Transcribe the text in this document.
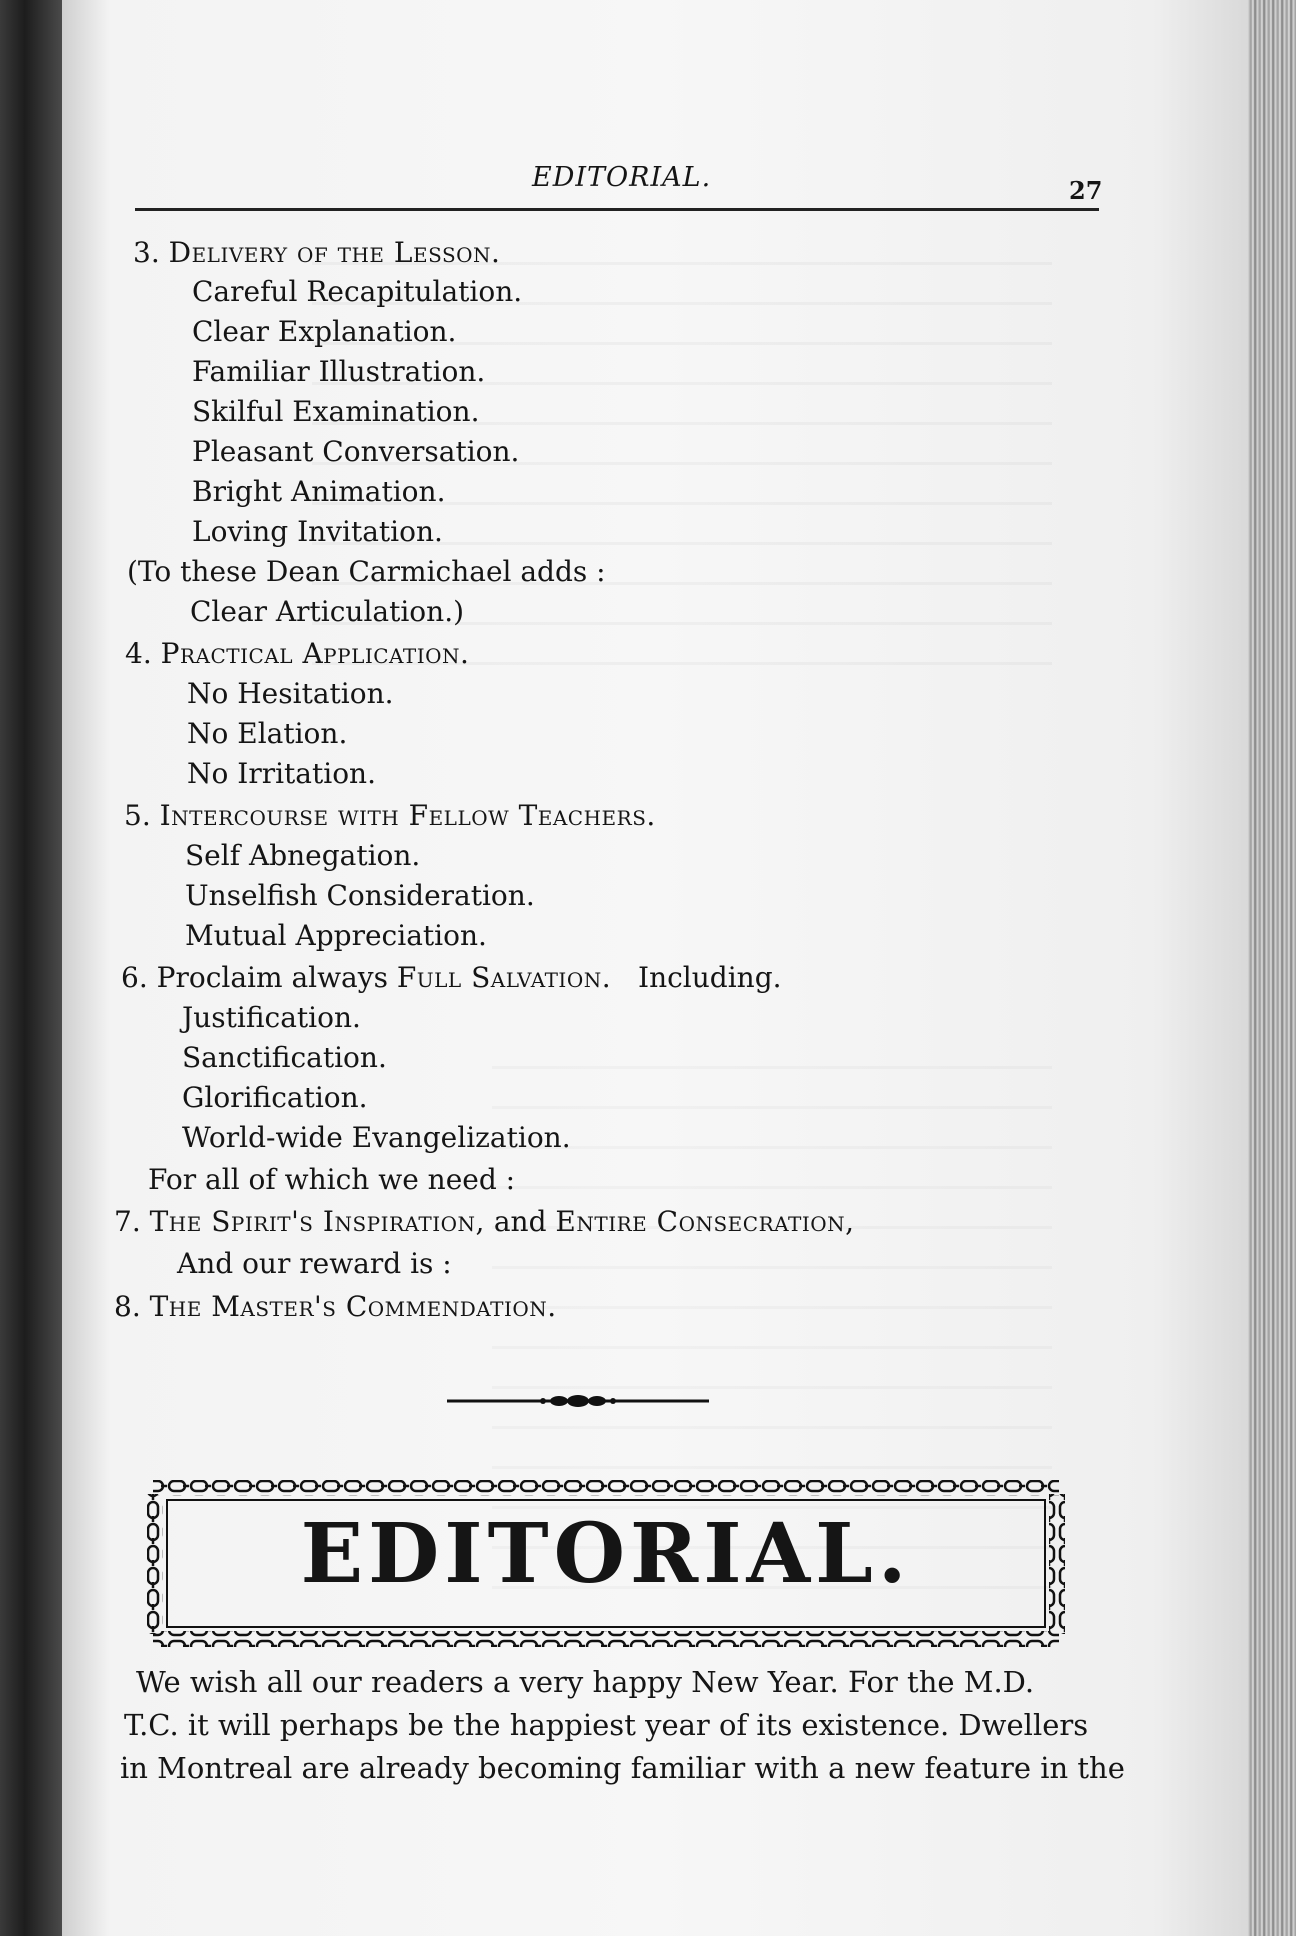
EDITORIAL.	27
3. Delivery of the Lesson.
Careful Recapitulation.
Clear Explanation.
Familiar Illustration.
Skilful Examination.
Pleasant Conversation.
Bright Animation.
Loving Invitation.
(To these Dean Carmichael adds :
Clear Articulation.)
4. Practical Application.
No Hesitation.
No Elation.
No Irritation.
5. Intercourse with Fellow Teachers.
Self Abnegation.
Unselfish Consideration.
Mutual Appreciation.
6. Proclaim always Full Salvation. Including.
Justification.
Sanctification.
Glorification.
World-wide Evangelization.
For all of which we need :
7. The Spirit's Inspiration, and Entire Consecration,
And our reward is :
8. The Master's Commendation.
EDITORIAL.
We wish all our readers a very happy New Year. For the M.D.
T.C. it will perhaps be the happiest year of its existence. Dwellers
in Montreal are already becoming familiar with a new feature in the
